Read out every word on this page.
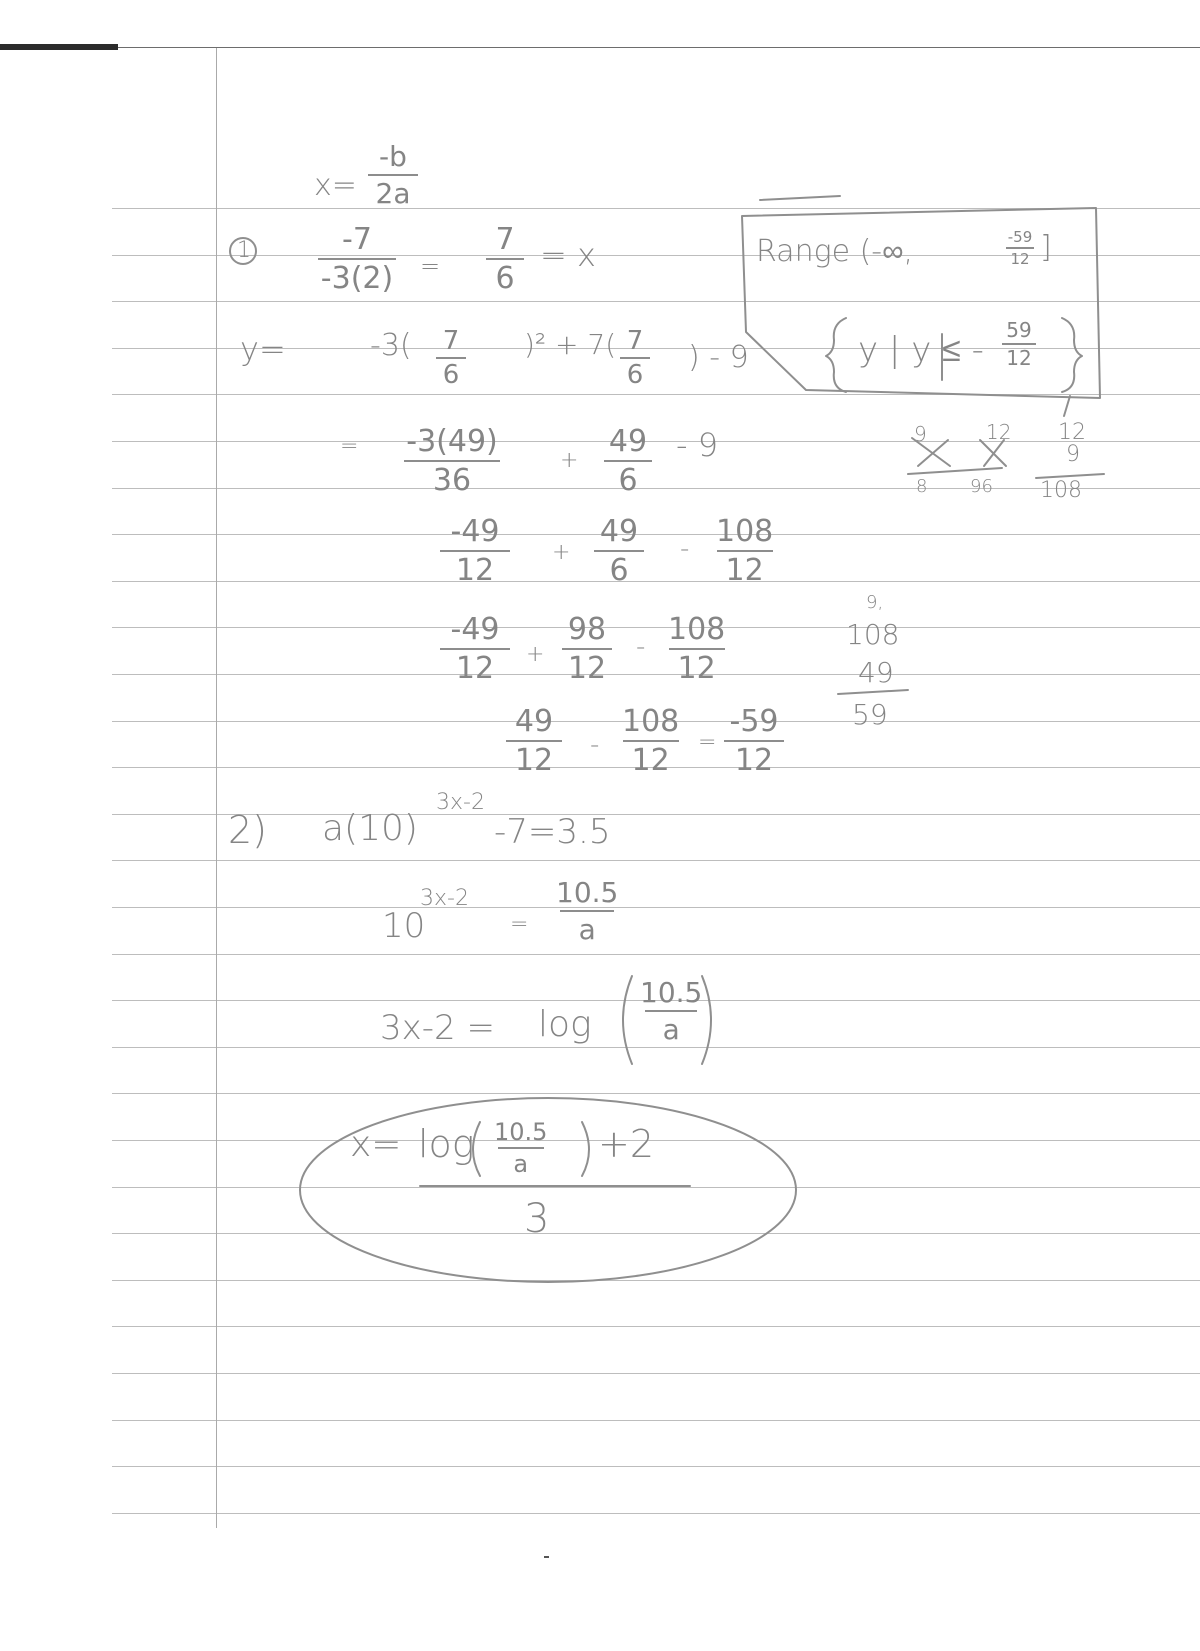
x=
-b
2a
1	-7
-3(2) =
7
6
= x
y=	-3( 7
6
)² + 7( 7
6 ) - 9
Range (-∞,	-59
12 ]
y | y ≤ - 59
12
= -3(49)
36
+
49
6
- 9
-49
12
+
49
6
- 108
12
-49
12 +
98
12
- 108
12
49
12 -
108
12
=
-59
12
9	12
8 96
12
9
108
9,
108
49
59
2) a(10)
3x-2
-7=3.5
10
3x-2
=
10.5
a
3x-2 = log
10.5
a
x= log 10.5
a +2
3
